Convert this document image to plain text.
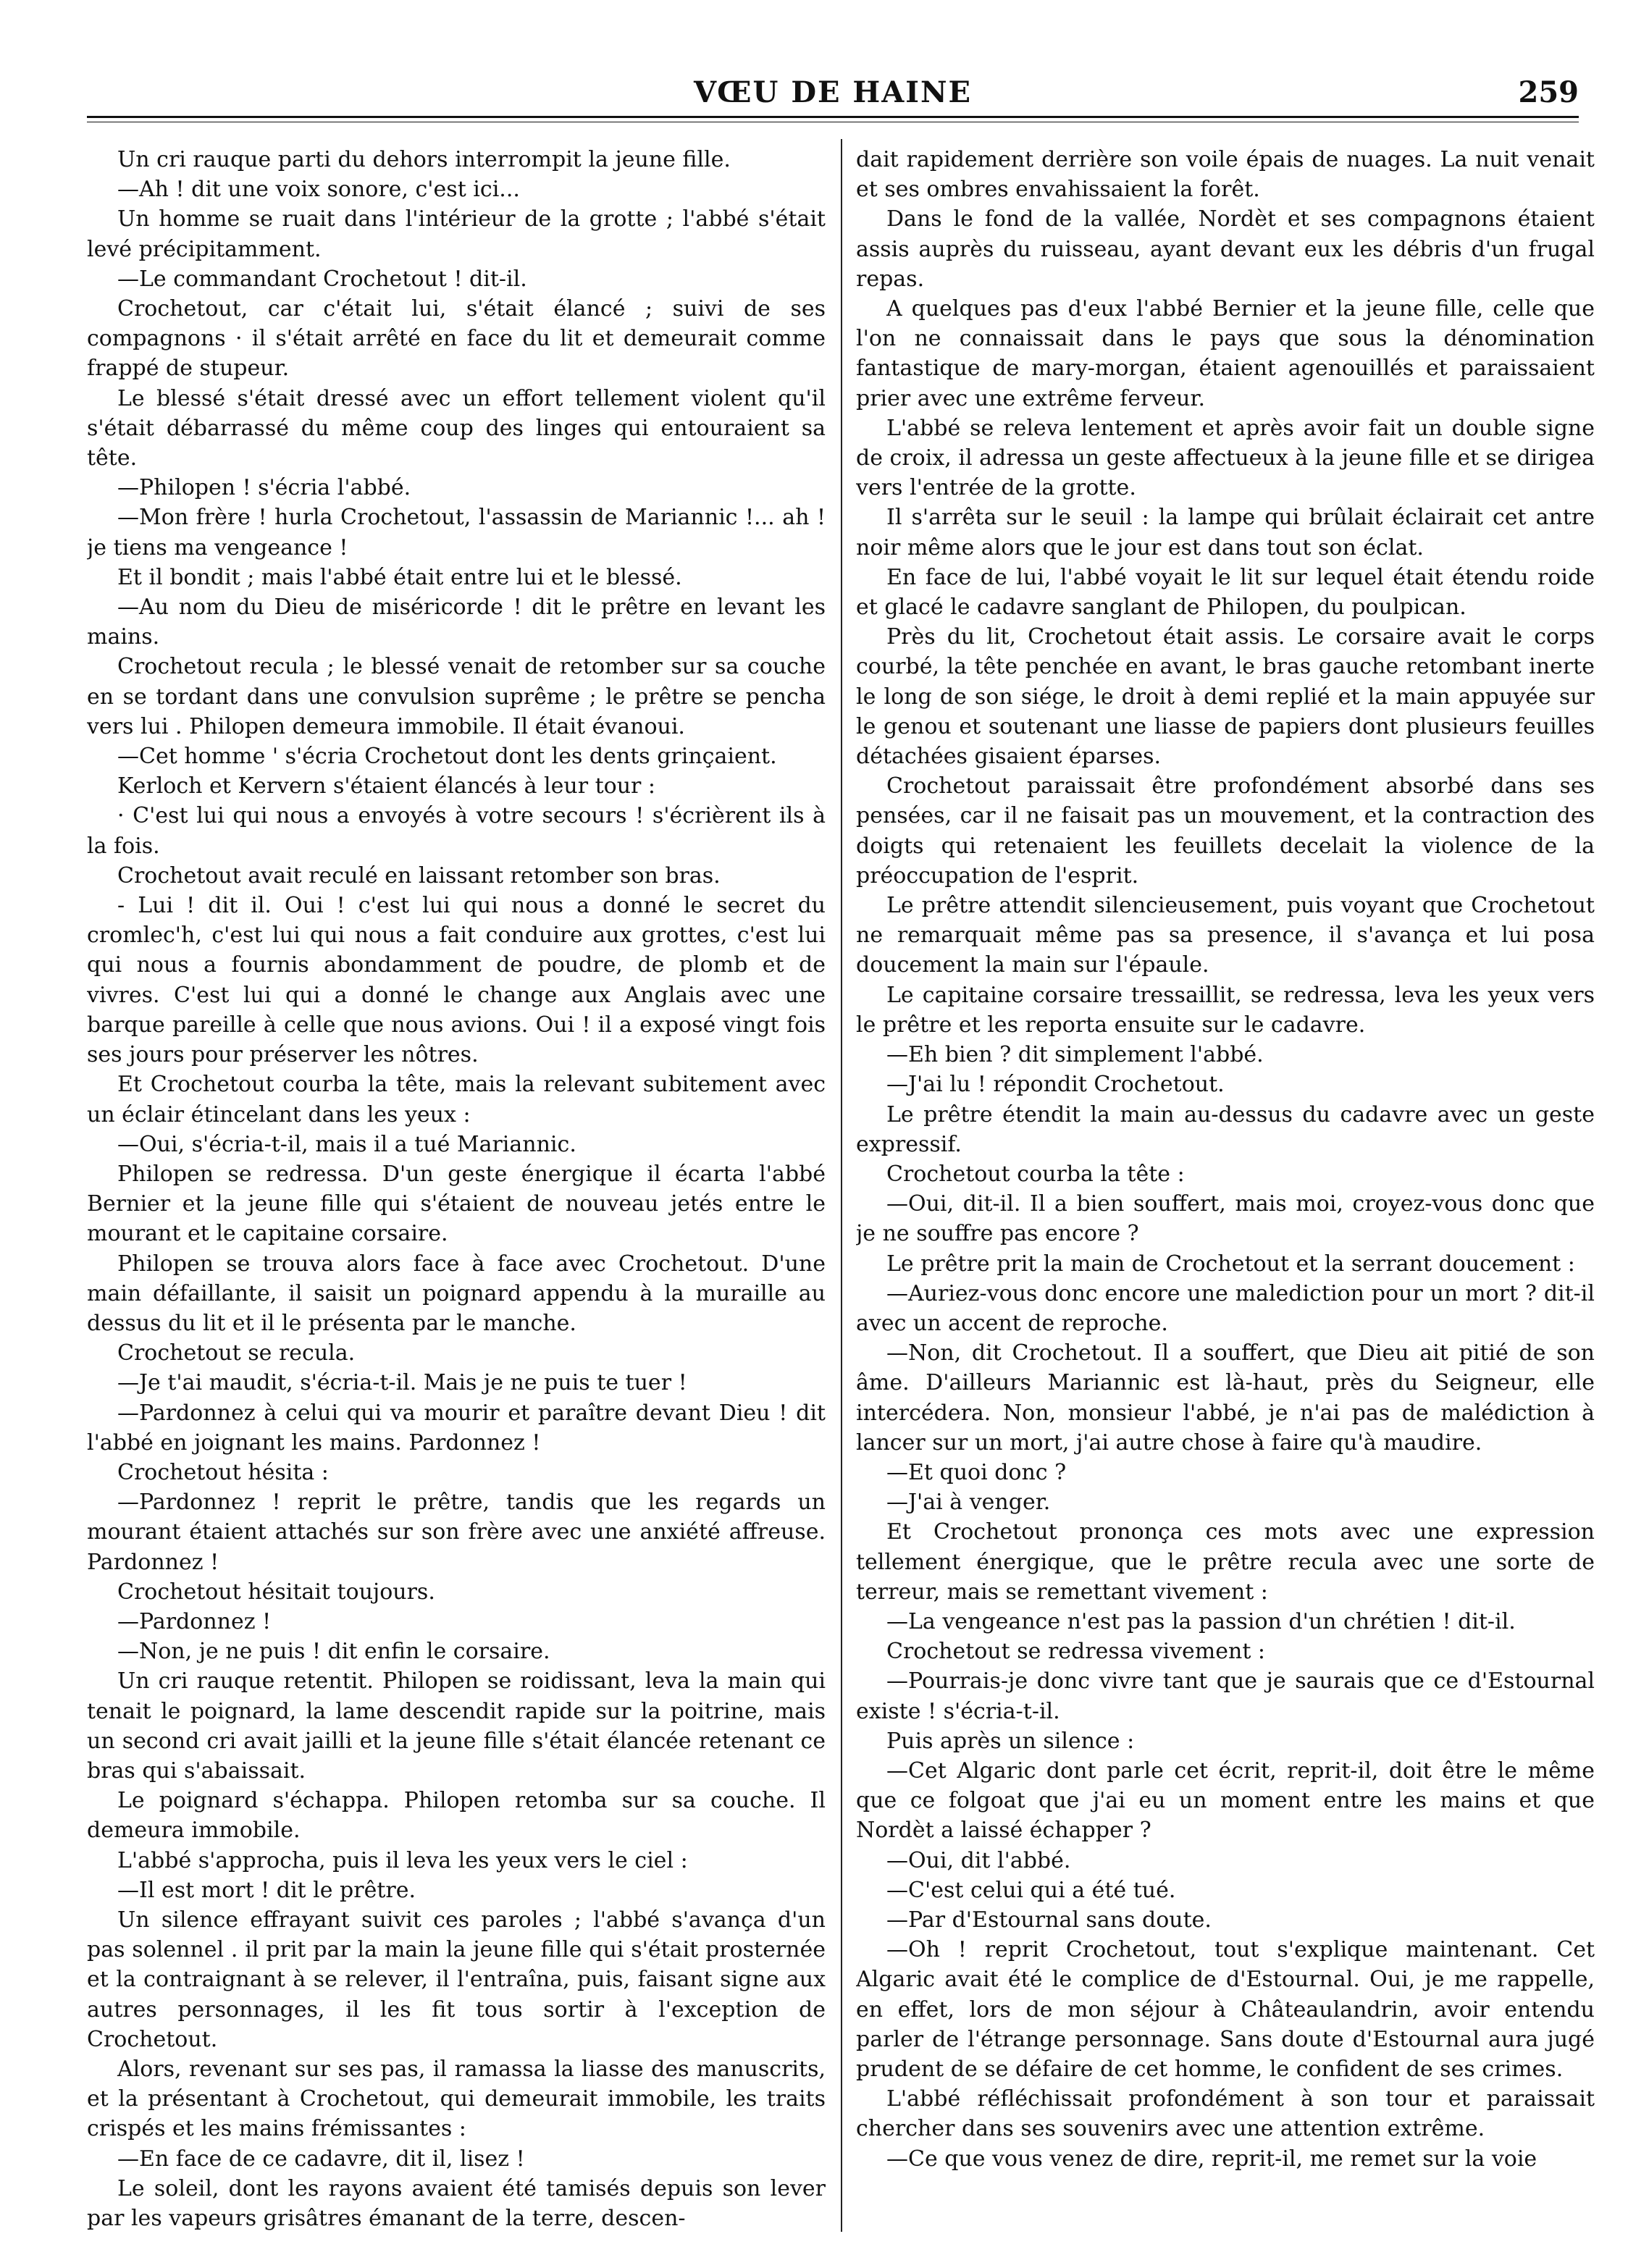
VŒU DE HAINE	259

Un cri rauque parti du dehors interrompit la jeune fille.

—Ah ! dit une voix sonore, c'est ici...

Un homme se ruait dans l'intérieur de la grotte ; l'abbé s'était levé précipitamment.

—Le commandant Crochetout ! dit-il.

Crochetout, car c'était lui, s'était élancé ; suivi de ses compagnons · il s'était arrêté en face du lit et demeurait comme frappé de stupeur.

Le blessé s'était dressé avec un effort tellement violent qu'il s'était débarrassé du même coup des linges qui entouraient sa tête.

—Philopen ! s'écria l'abbé.

—Mon frère ! hurla Crochetout, l'assassin de Mariannic !... ah ! je tiens ma vengeance !

Et il bondit ; mais l'abbé était entre lui et le blessé.

—Au nom du Dieu de miséricorde ! dit le prêtre en levant les mains.

Crochetout recula ; le blessé venait de retomber sur sa couche en se tordant dans une convulsion suprême ; le prêtre se pencha vers lui . Philopen demeura immobile. Il était évanoui.

—Cet homme ' s'écria Crochetout dont les dents grinçaient.

Kerloch et Kervern s'étaient élancés à leur tour :

· C'est lui qui nous a envoyés à votre secours ! s'écrièrent ils à la fois.

Crochetout avait reculé en laissant retomber son bras.

- Lui ! dit il. Oui ! c'est lui qui nous a donné le secret du cromlec'h, c'est lui qui nous a fait conduire aux grottes, c'est lui qui nous a fournis abondamment de poudre, de plomb et de vivres. C'est lui qui a donné le change aux Anglais avec une barque pareille à celle que nous avions. Oui ! il a exposé vingt fois ses jours pour préserver les nôtres.

Et Crochetout courba la tête, mais la relevant subitement avec un éclair étincelant dans les yeux :

—Oui, s'écria-t-il, mais il a tué Mariannic.

Philopen se redressa. D'un geste énergique il écarta l'abbé Bernier et la jeune fille qui s'étaient de nouveau jetés entre le mourant et le capitaine corsaire.

Philopen se trouva alors face à face avec Crochetout. D'une main défaillante, il saisit un poignard appendu à la muraille au dessus du lit et il le présenta par le manche.

Crochetout se recula.

—Je t'ai maudit, s'écria-t-il. Mais je ne puis te tuer !

—Pardonnez à celui qui va mourir et paraître devant Dieu ! dit l'abbé en joignant les mains. Pardonnez !

Crochetout hésita :

—Pardonnez ! reprit le prêtre, tandis que les regards un mourant étaient attachés sur son frère avec une anxiété affreuse. Pardonnez !

Crochetout hésitait toujours.

—Pardonnez !

—Non, je ne puis ! dit enfin le corsaire.

Un cri rauque retentit. Philopen se roidissant, leva la main qui tenait le poignard, la lame descendit rapide sur la poitrine, mais un second cri avait jailli et la jeune fille s'était élancée retenant ce bras qui s'abaissait.

Le poignard s'échappa. Philopen retomba sur sa couche. Il demeura immobile.

L'abbé s'approcha, puis il leva les yeux vers le ciel :

—Il est mort ! dit le prêtre.

Un silence effrayant suivit ces paroles ; l'abbé s'avança d'un pas solennel . il prit par la main la jeune fille qui s'était prosternée et la contraignant à se relever, il l'entraîna, puis, faisant signe aux autres personnages, il les fit tous sortir à l'exception de Crochetout.

Alors, revenant sur ses pas, il ramassa la liasse des manuscrits, et la présentant à Crochetout, qui demeurait immobile, les traits crispés et les mains frémissantes :

—En face de ce cadavre, dit il, lisez !

Le soleil, dont les rayons avaient été tamisés depuis son lever par les vapeurs grisâtres émanant de la terre, descen-

dait rapidement derrière son voile épais de nuages. La nuit venait et ses ombres envahissaient la forêt.

Dans le fond de la vallée, Nordèt et ses compagnons étaient assis auprès du ruisseau, ayant devant eux les débris d'un frugal repas.

A quelques pas d'eux l'abbé Bernier et la jeune fille, celle que l'on ne connaissait dans le pays que sous la dénomination fantastique de mary-morgan, étaient agenouillés et paraissaient prier avec une extrême ferveur.

L'abbé se releva lentement et après avoir fait un double signe de croix, il adressa un geste affectueux à la jeune fille et se dirigea vers l'entrée de la grotte.

Il s'arrêta sur le seuil : la lampe qui brûlait éclairait cet antre noir même alors que le jour est dans tout son éclat.

En face de lui, l'abbé voyait le lit sur lequel était étendu roide et glacé le cadavre sanglant de Philopen, du poulpican.

Près du lit, Crochetout était assis. Le corsaire avait le corps courbé, la tête penchée en avant, le bras gauche retombant inerte le long de son siége, le droit à demi replié et la main appuyée sur le genou et soutenant une liasse de papiers dont plusieurs feuilles détachées gisaient éparses.

Crochetout paraissait être profondément absorbé dans ses pensées, car il ne faisait pas un mouvement, et la contraction des doigts qui retenaient les feuillets decelait la violence de la préoccupation de l'esprit.

Le prêtre attendit silencieusement, puis voyant que Crochetout ne remarquait même pas sa presence, il s'avança et lui posa doucement la main sur l'épaule.

Le capitaine corsaire tressaillit, se redressa, leva les yeux vers le prêtre et les reporta ensuite sur le cadavre.

—Eh bien ? dit simplement l'abbé.

—J'ai lu ! répondit Crochetout.

Le prêtre étendit la main au-dessus du cadavre avec un geste expressif.

Crochetout courba la tête :

—Oui, dit-il. Il a bien souffert, mais moi, croyez-vous donc que je ne souffre pas encore ?

Le prêtre prit la main de Crochetout et la serrant doucement :

—Auriez-vous donc encore une malediction pour un mort ? dit-il avec un accent de reproche.

—Non, dit Crochetout. Il a souffert, que Dieu ait pitié de son âme. D'ailleurs Mariannic est là-haut, près du Seigneur, elle intercédera. Non, monsieur l'abbé, je n'ai pas de malédiction à lancer sur un mort, j'ai autre chose à faire qu'à maudire.

—Et quoi donc ?

—J'ai à venger.

Et Crochetout prononça ces mots avec une expression tellement énergique, que le prêtre recula avec une sorte de terreur, mais se remettant vivement :

—La vengeance n'est pas la passion d'un chrétien ! dit-il.

Crochetout se redressa vivement :

—Pourrais-je donc vivre tant que je saurais que ce d'Estournal existe ! s'écria-t-il.

Puis après un silence :

—Cet Algaric dont parle cet écrit, reprit-il, doit être le même que ce folgoat que j'ai eu un moment entre les mains et que Nordèt a laissé échapper ?

—Oui, dit l'abbé.

—C'est celui qui a été tué.

—Par d'Estournal sans doute.

—Oh ! reprit Crochetout, tout s'explique maintenant. Cet Algaric avait été le complice de d'Estournal. Oui, je me rappelle, en effet, lors de mon séjour à Châteaulandrin, avoir entendu parler de l'étrange personnage. Sans doute d'Estournal aura jugé prudent de se défaire de cet homme, le confident de ses crimes.

L'abbé réfléchissait profondément à son tour et paraissait chercher dans ses souvenirs avec une attention extrême.

—Ce que vous venez de dire, reprit-il, me remet sur la voie
